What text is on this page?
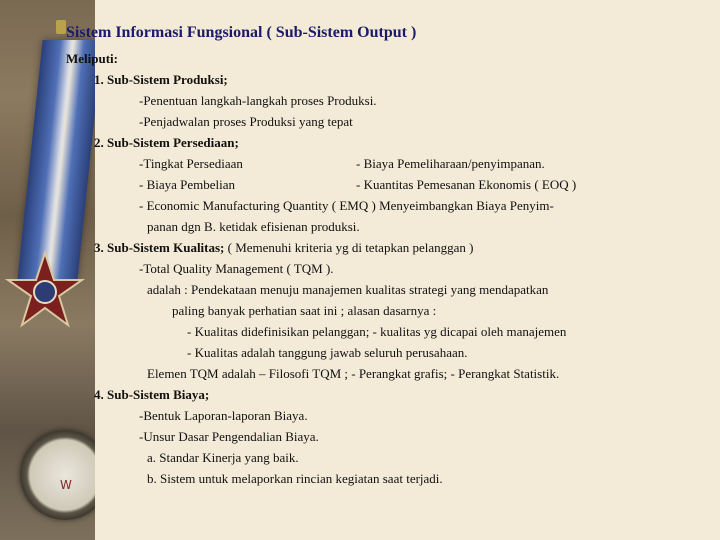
W
Sistem Informasi Fungsional ( Sub-Sistem Output )
Meliputi:
1. Sub-Sistem Produksi;
-Penentuan langkah-langkah proses Produksi.
-Penjadwalan proses Produksi yang tepat
2. Sub-Sistem Persediaan;
-Tingkat Persediaan	- Biaya Pemeliharaan/penyimpanan.
- Biaya Pembelian	- Kuantitas Pemesanan Ekonomis ( EOQ )
- Economic Manufacturing Quantity ( EMQ ) Menyeimbangkan Biaya Penyim-
panan dgn B. ketidak efisienan produksi.
3. Sub-Sistem Kualitas; ( Memenuhi kriteria yg di tetapkan pelanggan )
-Total Quality Management ( TQM ).
adalah : Pendekataan menuju manajemen kualitas strategi yang mendapatkan
paling banyak perhatian saat ini ; alasan dasarnya :
- Kualitas didefinisikan pelanggan; - kualitas yg dicapai oleh manajemen
- Kualitas adalah tanggung jawab seluruh perusahaan.
Elemen TQM adalah – Filosofi TQM ; - Perangkat grafis; - Perangkat Statistik.
4. Sub-Sistem Biaya;
-Bentuk Laporan-laporan Biaya.
-Unsur Dasar Pengendalian Biaya.
a. Standar Kinerja yang baik.
b. Sistem untuk melaporkan rincian kegiatan saat terjadi.
